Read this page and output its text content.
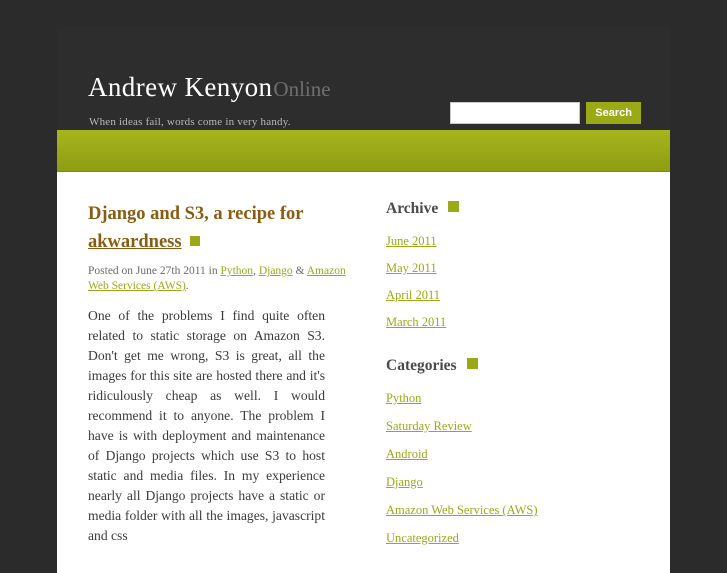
Andrew KenyonOnline
When ideas fail, words come in very handy.
Search
Django and S3, a recipe for
akwardness
Posted on June 27th 2011 in Python, Django & Amazon Web Services (AWS).
One of the problems I find quite often related to static storage on Amazon S3. Don't get me wrong, S3 is great, all the images for this site are hosted there and it's ridiculously cheap as well. I would recommend it to anyone. The problem I have is with deployment and maintenance of Django projects which use S3 to host static and media files. In my experience nearly all Django projects have a static or media folder with all the images, javascript and css
Archive
June 2011
May 2011
April 2011
March 2011
Categories
Python
Saturday Review
Android
Django
Amazon Web Services (AWS)
Uncategorized
